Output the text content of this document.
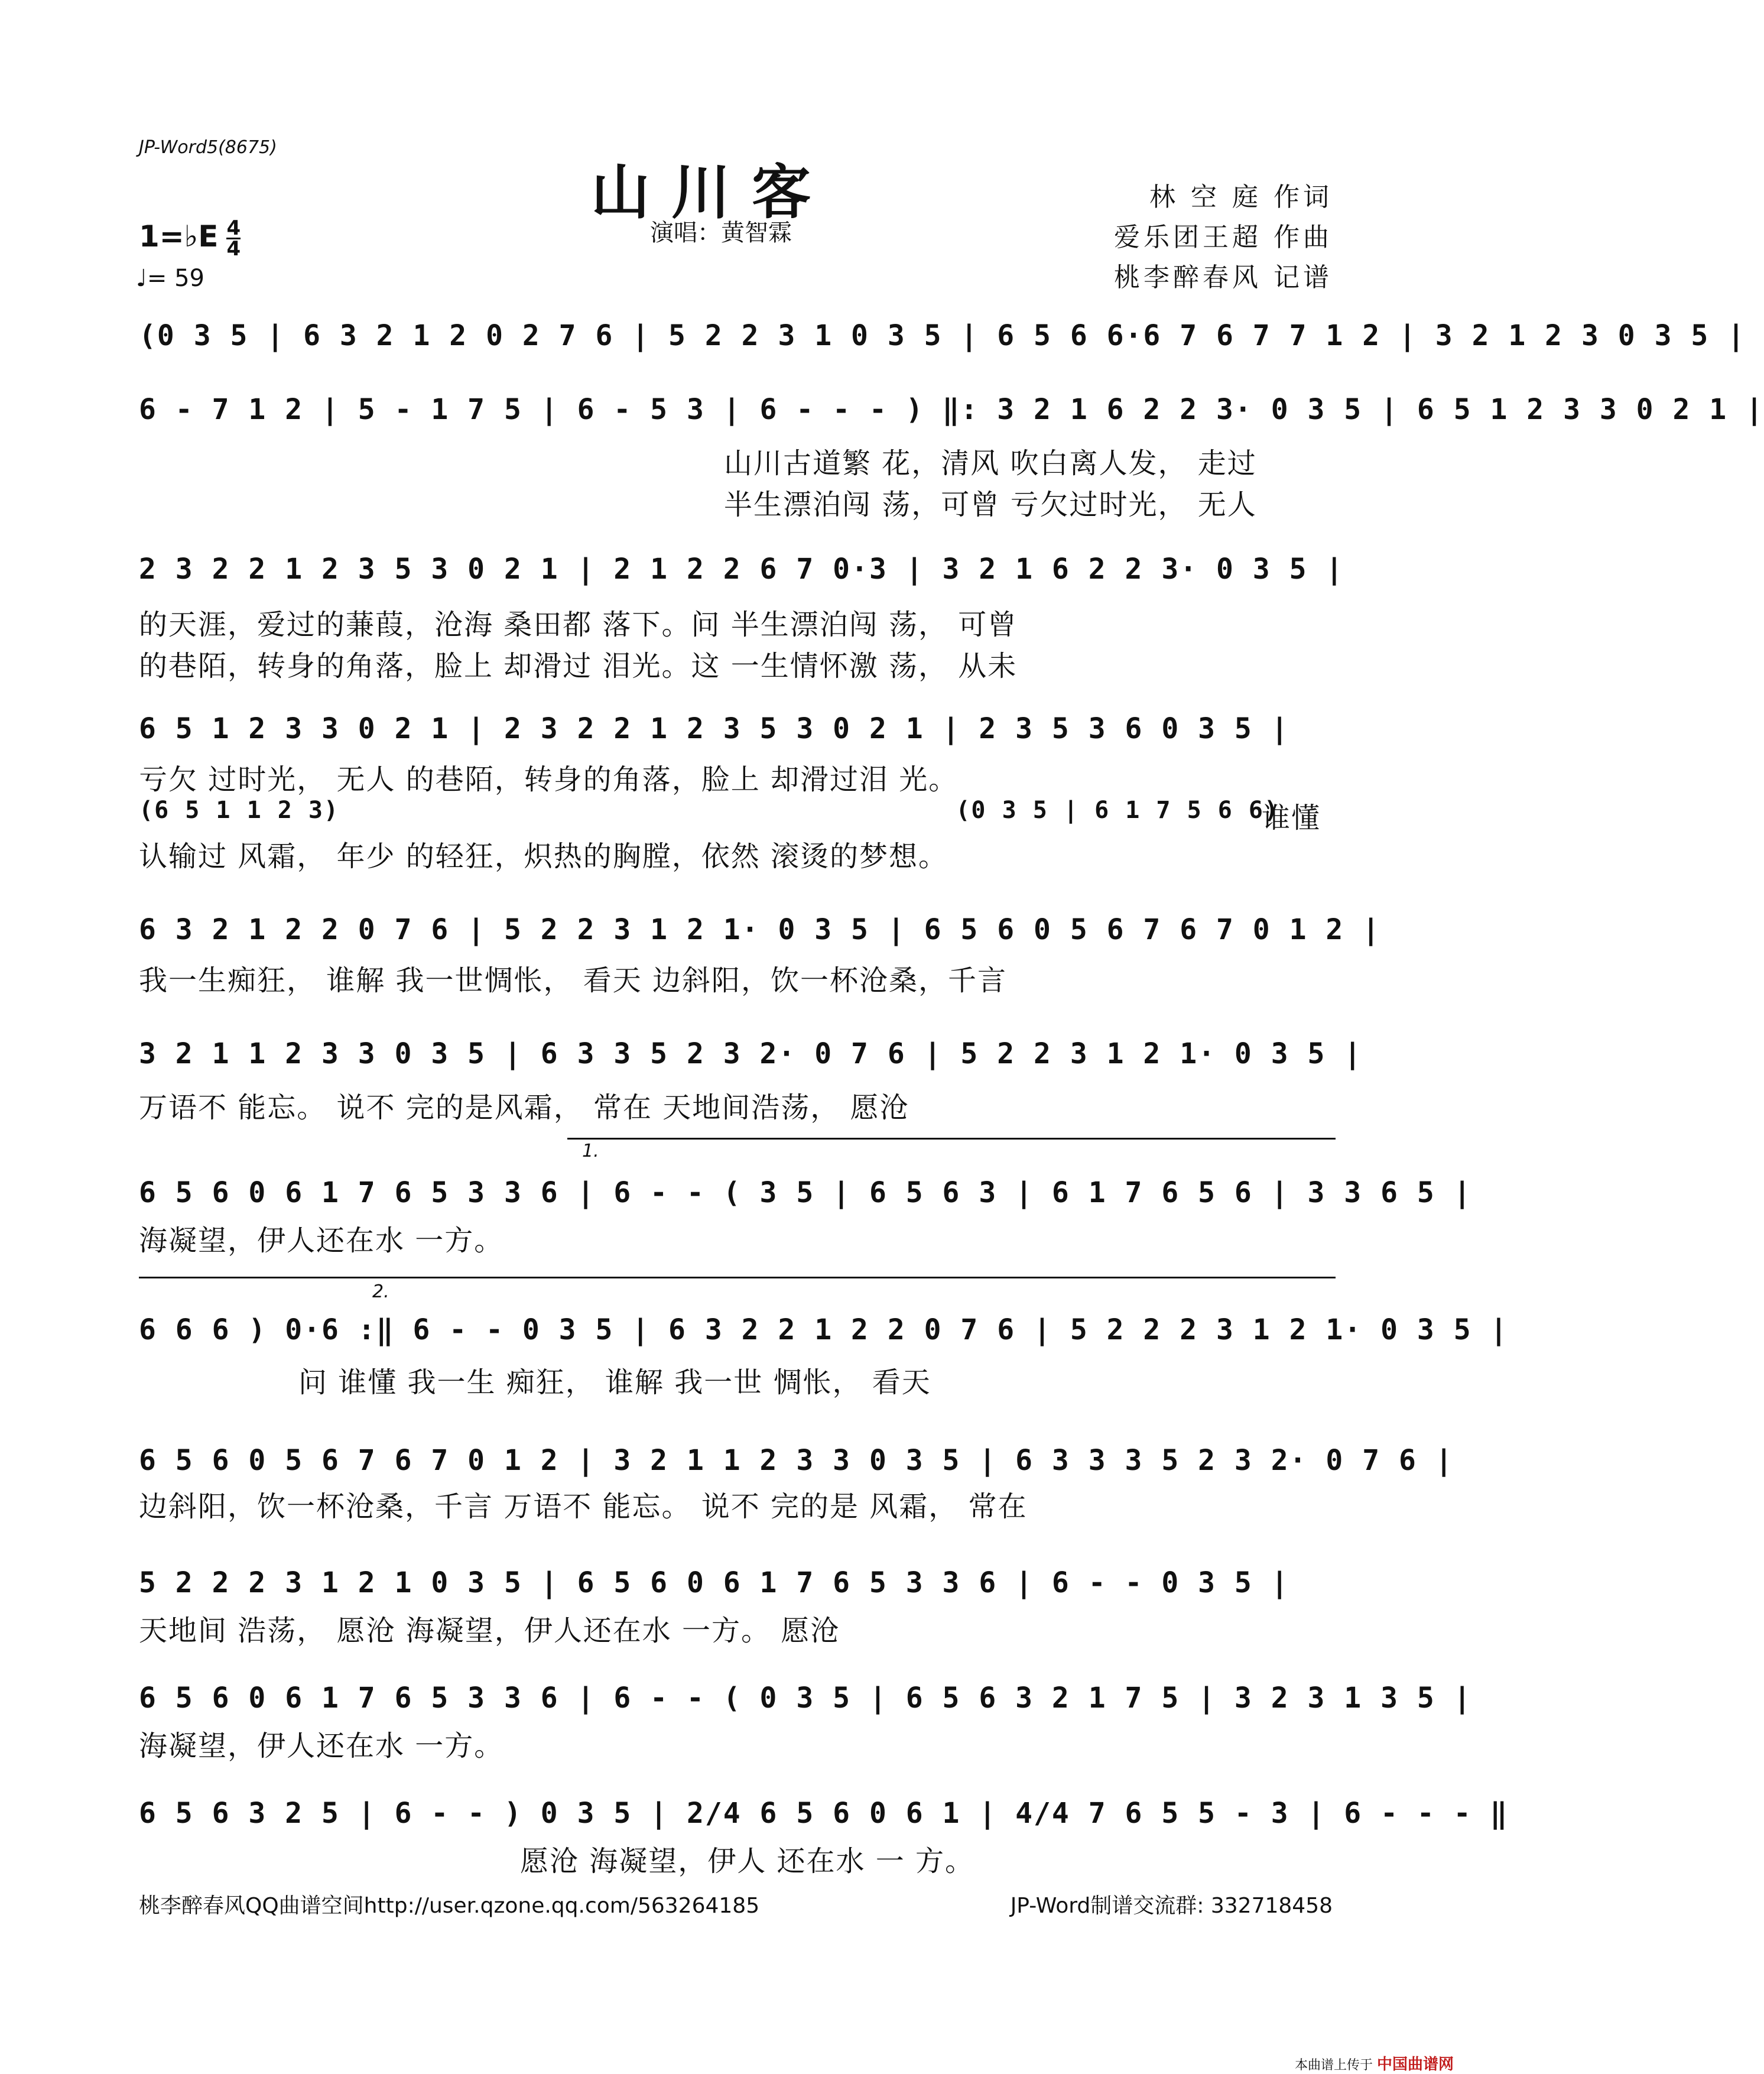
JP-Word5(8675)
山川客
演唱：黄智霖
林 空 庭 作词
爱乐团王超 作曲
桃李醉春风 记谱
1=♭E $\frac{4}{4}$
♩= 59
(0 3 5 | 6 3 2 1 2 0 2 7 6 | 5 2 2 3 1 0 3 5 | 6 5 6 6·6 7 6 7 7 1 2 | 3 2 1 2 3 0 3 5 |
6 - 7 1 2 | 5 - 1 7 5 | 6 - 5 3 | 6 - - - ) ‖: 3 2 1 6 2 2 3· 0 3 5 | 6 5 1 2 3 3 0 2 1 |
山川古道繁 花，清风 吹白离人发， 走过
半生漂泊闯 荡，可曾 亏欠过时光， 无人
2 3 2 2 1 2 3 5 3 0 2 1 | 2 1 2 2 6 7 0·3 | 3 2 1 6 2 2 3· 0 3 5 |
的天涯，爱过的蒹葭，沧海 桑田都 落下。问 半生漂泊闯 荡， 可曾
的巷陌，转身的角落，脸上 却滑过 泪光。这 一生情怀激 荡， 从未
6 5 1 2 3 3 0 2 1 | 2 3 2 2 1 2 3 5 3 0 2 1 | 2 3 5 3 6 0 3 5 |
亏欠 过时光， 无人 的巷陌，转身的角落，脸上 却滑过泪 光。
(6 5 1 1 2 3)                                        (0 3 5 | 6 1 7 5 6 6)
认输过 风霜， 年少 的轻狂，炽热的胸膛，依然 滚烫的梦想。
谁懂
6 3 2 1 2 2 0 7 6 | 5 2 2 3 1 2 1· 0 3 5 | 6 5 6 0 5 6 7 6 7 0 1 2 |
我一生痴狂， 谁解 我一世惆怅， 看天 边斜阳，饮一杯沧桑，千言
3 2 1 1 2 3 3 0 3 5 | 6 3 3 5 2 3 2· 0 7 6 | 5 2 2 3 1 2 1· 0 3 5 |
万语不 能忘。 说不 完的是风霜， 常在 天地间浩荡， 愿沧
1.
6 5 6 0 6 1 7 6 5 3 3 6 | 6 - - ( 3 5 | 6 5 6 3 | 6 1 7 6 5 6 | 3 3 6 5 |
海凝望，伊人还在水 一方。
2.
6 6 6 ) 0·6 :‖ 6 - - 0 3 5 | 6 3 2 2 1 2 2 0 7 6 | 5 2 2 2 3 1 2 1· 0 3 5 |
问 谁懂 我一生 痴狂， 谁解 我一世 惆怅， 看天
6 5 6 0 5 6 7 6 7 0 1 2 | 3 2 1 1 2 3 3 0 3 5 | 6 3 3 3 5 2 3 2· 0 7 6 |
边斜阳，饮一杯沧桑，千言 万语不 能忘。 说不 完的是 风霜， 常在
5 2 2 2 3 1 2 1 0 3 5 | 6 5 6 0 6 1 7 6 5 3 3 6 | 6 - - 0 3 5 |
天地间 浩荡， 愿沧 海凝望，伊人还在水 一方。 愿沧
6 5 6 0 6 1 7 6 5 3 3 6 | 6 - - ( 0 3 5 | 6 5 6 3 2 1 7 5 | 3 2 3 1 3 5 |
海凝望，伊人还在水 一方。
6 5 6 3 2 5 | 6 - - ) 0 3 5 | 2/4 6 5 6 0 6 1 | 4/4 7 6 5 5 - 3 | 6 - - - ‖
愿沧 海凝望，伊人 还在水 一 方。
桃李醉春风QQ曲谱空间http://user.qzone.qq.com/563264185	JP-Word制谱交流群: 332718458
本曲谱上传于 中国曲谱网
